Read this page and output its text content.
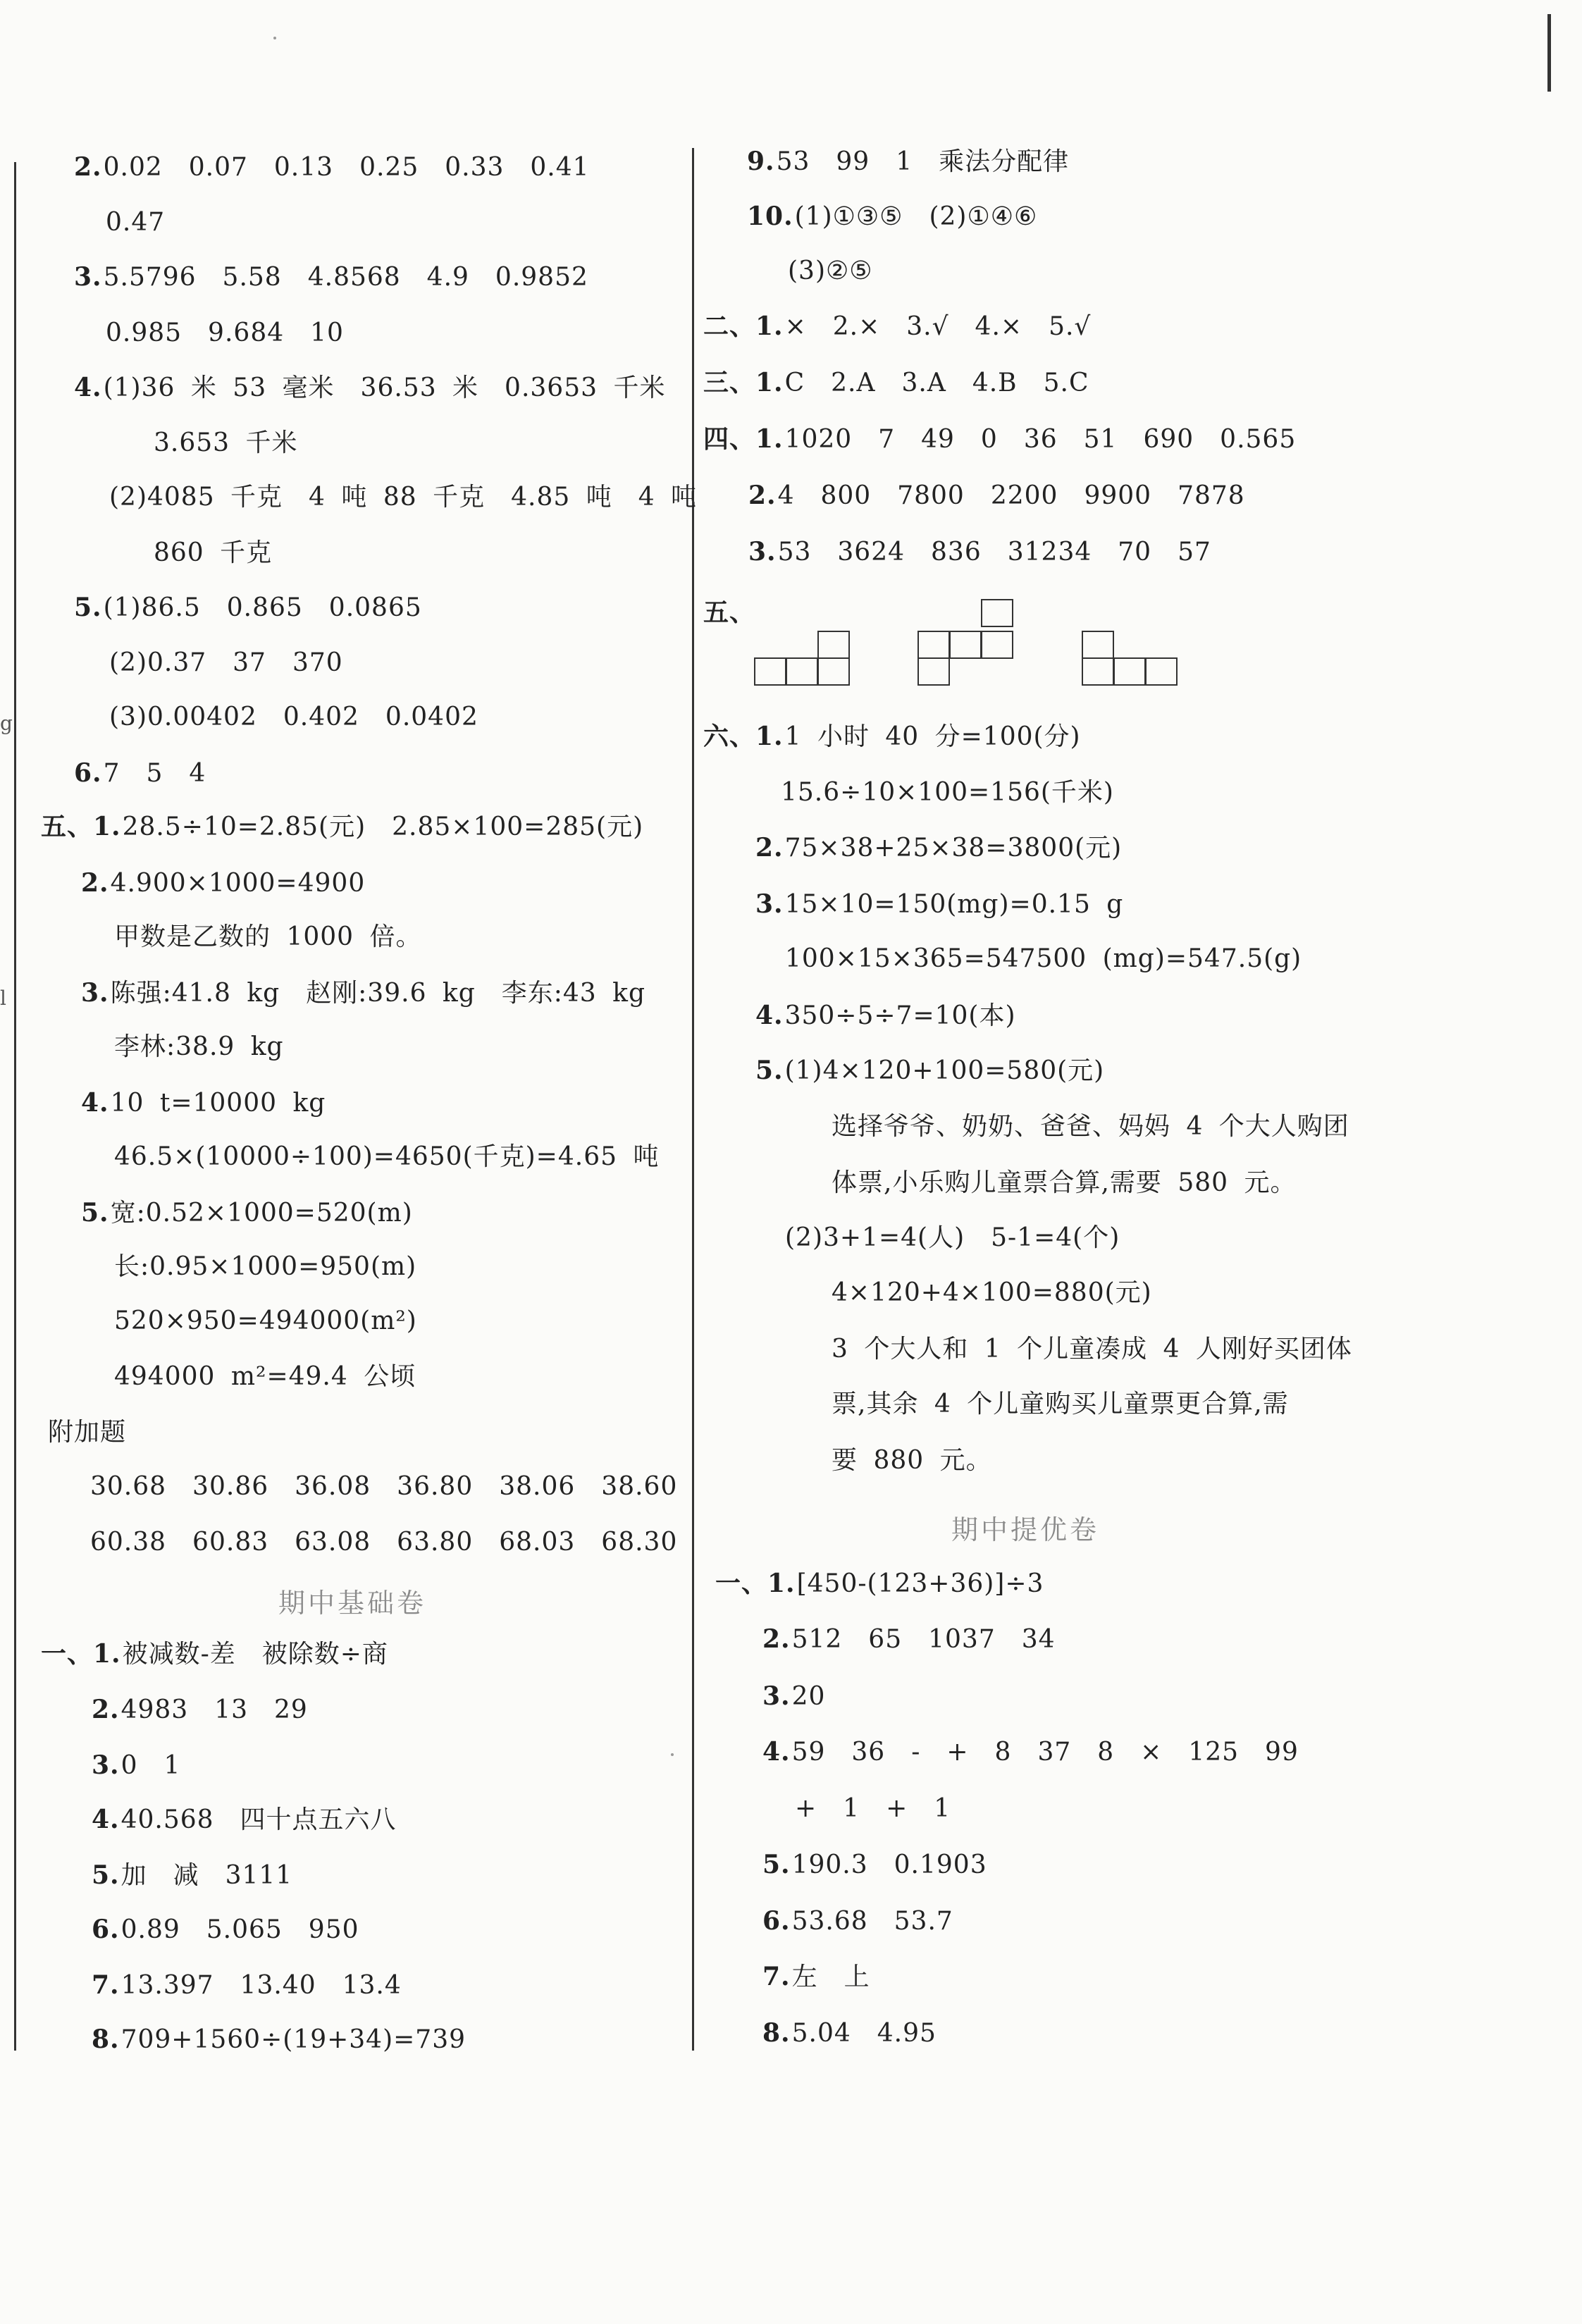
g
l
2.0.02　0.07　0.13　0.25　0.33　0.41
0.47
3.5.5796　5.58　4.8568　4.9　0.9852
0.985　9.684　10
4.(1)36 米 53 毫米　36.53 米　0.3653 千米
3.653 千米
(2)4085 千克　4 吨 88 千克　4.85 吨　4 吨
860 千克
5.(1)86.5　0.865　0.0865
(2)0.37　37　370
(3)0.00402　0.402　0.0402
6.7　5　4
五、1.28.5÷10=2.85(元)　2.85×100=285(元)
2.4.900×1000=4900
甲数是乙数的 1000 倍。
3.陈强:41.8 kg　赵刚:39.6 kg　李东:43 kg
李林:38.9 kg
4.10 t=10000 kg
46.5×(10000÷100)=4650(千克)=4.65 吨
5.宽:0.52×1000=520(m)
长:0.95×1000=950(m)
520×950=494000(m²)
494000 m²=49.4 公顷
附加题
30.68　30.86　36.08　36.80　38.06　38.60
60.38　60.83　63.08　63.80　68.03　68.30
期中基础卷
一、1.被减数-差　被除数÷商
2.4983　13　29
3.0　1
4.40.568　四十点五六八
5.加　减　3111
6.0.89　5.065　950
7.13.397　13.40　13.4
8.709+1560÷(19+34)=739
9.53　99　1　乘法分配律
10.(1)①③⑤　(2)①④⑥
(3)②⑤
二、1.×　2.×　3.√　4.×　5.√
三、1.C　2.A　3.A　4.B　5.C
四、1.1020　7　49　0　36　51　690　0.565
2.4　800　7800　2200　9900　7878
3.53　3624　836　31234　70　57
五、
六、1.1 小时 40 分=100(分)
15.6÷10×100=156(千米)
2.75×38+25×38=3800(元)
3.15×10=150(mg)=0.15 g
100×15×365=547500 (mg)=547.5(g)
4.350÷5÷7=10(本)
5.(1)4×120+100=580(元)
选择爷爷、奶奶、爸爸、妈妈 4 个大人购团
体票,小乐购儿童票合算,需要 580 元。
(2)3+1=4(人)　5-1=4(个)
4×120+4×100=880(元)
3 个大人和 1 个儿童凑成 4 人刚好买团体
票,其余 4 个儿童购买儿童票更合算,需
要 880 元。
期中提优卷
一、1.[450-(123+36)]÷3
2.512　65　1037　34
3.20
4.59　36　-　+　8　37　8　×　125　99
+　1　+　1
5.190.3　0.1903
6.53.68　53.7
7.左　上
8.5.04　4.95
